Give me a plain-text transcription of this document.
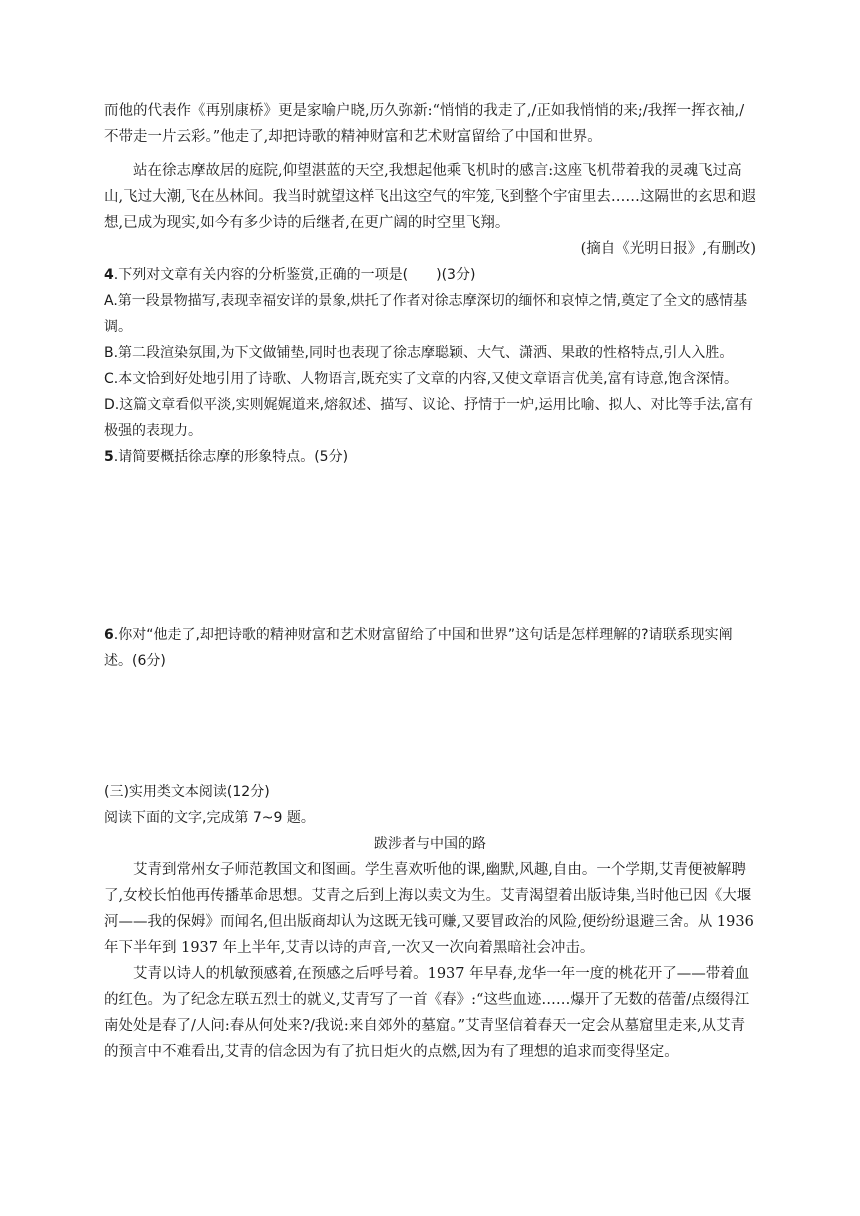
而他的代表作《再别康桥》更是家喻户晓,历久弥新:“悄悄的我走了,/正如我悄悄的来;/我挥一挥衣袖,/不带走一片云彩。”他走了,却把诗歌的精神财富和艺术财富留给了中国和世界。

站在徐志摩故居的庭院,仰望湛蓝的天空,我想起他乘飞机时的感言:这座飞机带着我的灵魂飞过高山,飞过大潮,飞在丛林间。我当时就望这样飞出这空气的牢笼,飞到整个宇宙里去……这隔世的玄思和遐想,已成为现实,如今有多少诗的后继者,在更广阔的时空里飞翔。

(摘自《光明日报》,有删改)

4.下列对文章有关内容的分析鉴赏,正确的一项是(　　)(3分)

A.第一段景物描写,表现幸福安详的景象,烘托了作者对徐志摩深切的缅怀和哀悼之情,奠定了全文的感情基调。

B.第二段渲染氛围,为下文做铺垫,同时也表现了徐志摩聪颖、大气、潇洒、果敢的性格特点,引人入胜。

C.本文恰到好处地引用了诗歌、人物语言,既充实了文章的内容,又使文章语言优美,富有诗意,饱含深情。

D.这篇文章看似平淡,实则娓娓道来,熔叙述、描写、议论、抒情于一炉,运用比喻、拟人、对比等手法,富有极强的表现力。

5.请简要概括徐志摩的形象特点。(5分)

6.你对“他走了,却把诗歌的精神财富和艺术财富留给了中国和世界”这句话是怎样理解的?请联系现实阐述。(6分)

(三)实用类文本阅读(12分)

阅读下面的文字,完成第 7~9 题。

跋涉者与中国的路

艾青到常州女子师范教国文和图画。学生喜欢听他的课,幽默,风趣,自由。一个学期,艾青便被解聘了,女校长怕他再传播革命思想。艾青之后到上海以卖文为生。艾青渴望着出版诗集,当时他已因《大堰河——我的保姆》而闻名,但出版商却认为这既无钱可赚,又要冒政治的风险,便纷纷退避三舍。从 1936 年下半年到 1937 年上半年,艾青以诗的声音,一次又一次向着黑暗社会冲击。

艾青以诗人的机敏预感着,在预感之后呼号着。1937 年早春,龙华一年一度的桃花开了——带着血的红色。为了纪念左联五烈士的就义,艾青写了一首《春》:“这些血迹……爆开了无数的蓓蕾/点缀得江南处处是春了/人问:春从何处来?/我说:来自郊外的墓窟。”艾青坚信着春天一定会从墓窟里走来,从艾青的预言中不难看出,艾青的信念因为有了抗日炬火的点燃,因为有了理想的追求而变得坚定。
